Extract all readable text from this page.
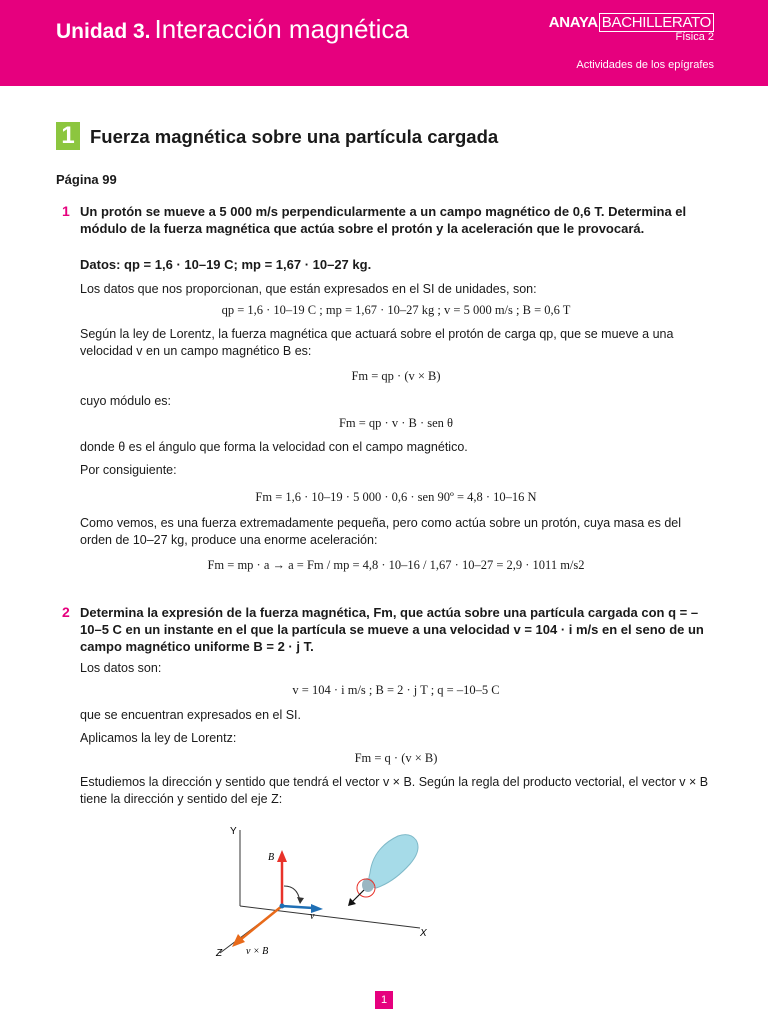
Unidad 3. Interacción magnética	ANAYA BACHILLERATO
Física 2
Actividades de los epígrafes
1 Fuerza magnética sobre una partícula cargada

Página 99

1 Un protón se mueve a 5 000 m/s perpendicularmente a un campo magnético de 0,6 T. Determina el módulo de la fuerza magnética que actúa sobre el protón y la aceleración que le provocará.

Datos: qp = 1,6 · 10–19 C; mp = 1,67 · 10–27 kg.

Los datos que nos proporcionan, que están expresados en el SI de unidades, son:

qp = 1,6 · 10–19 C ; mp = 1,67 · 10–27 kg ; v = 5 000 m/s ; B = 0,6 T

Según la ley de Lorentz, la fuerza magnética que actuará sobre el protón de carga qp, que se mueve a una velocidad v en un campo magnético B es:

Fm = qp · (v × B)

cuyo módulo es:

Fm = qp · v · B · sen θ

donde θ es el ángulo que forma la velocidad con el campo magnético.

Por consiguiente:

Fm = 1,6 · 10–19 · 5 000 · 0,6 · sen 90º = 4,8 · 10–16 N

Como vemos, es una fuerza extremadamente pequeña, pero como actúa sobre un protón, cuya masa es del orden de 10–27 kg, produce una enorme aceleración:

Fm = mp · a → a = Fm / mp = 4,8 · 10–16 / 1,67 · 10–27 = 2,9 · 1011 m/s2

2 Determina la expresión de la fuerza magnética, Fm, que actúa sobre una partícula cargada con q = –10–5 C en un instante en el que la partícula se mueve a una velocidad v = 104 · i m/s en el seno de un campo magnético uniforme B = 2 · j T.

Los datos son:

v = 104 · i m/s ; B = 2 · j T ; q = –10–5 C

que se encuentran expresados en el SI.

Aplicamos la ley de Lorentz:

Fm = q · (v × B)

Estudiemos la dirección y sentido que tendrá el vector v × B. Según la regla del producto vectorial, el vector v × B tiene la dirección y sentido del eje Z:

Y
X
Z
B
v
v × B
1
